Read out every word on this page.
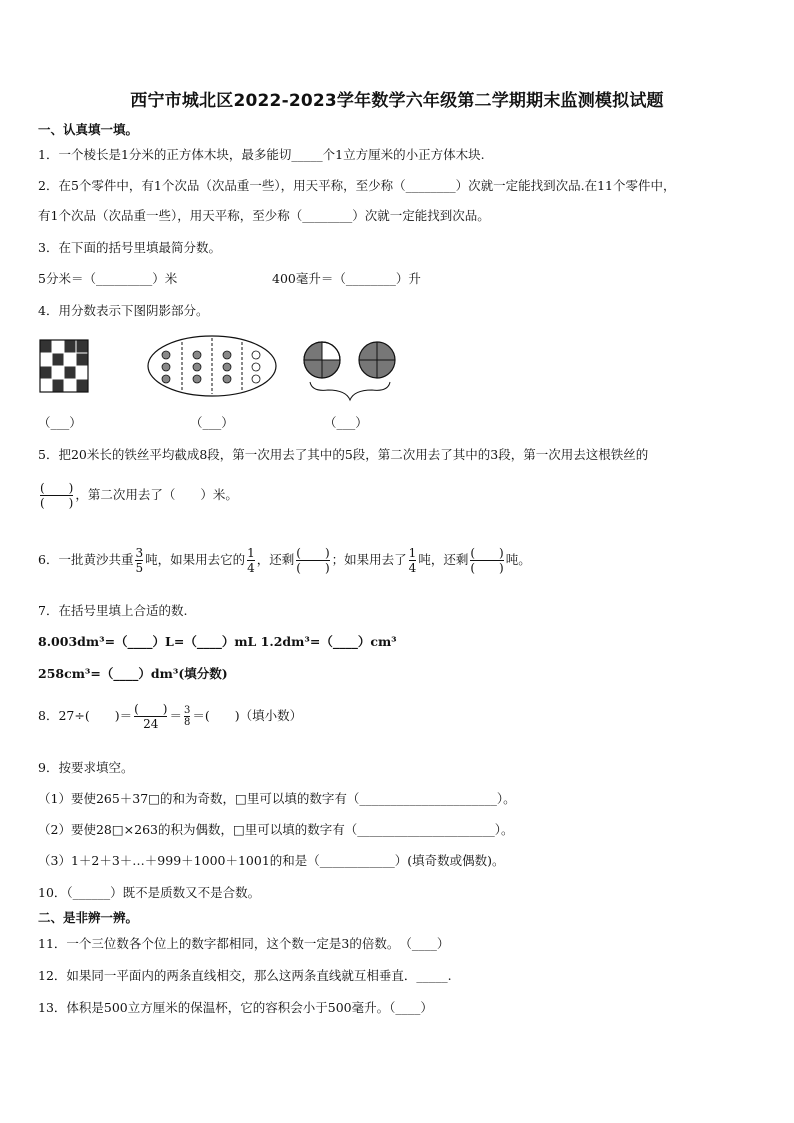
西宁市城北区2022-2023学年数学六年级第二学期期末监测模拟试题
一、认真填一填。
1．一个棱长是1分米的正方体木块，最多能切_____个1立方厘米的小正方体木块.
2．在5个零件中，有1个次品（次品重一些），用天平称，至少称（________）次就一定能找到次品.在11个零件中，
有1个次品（次品重一些），用天平称，至少称（________）次就一定能找到次品。
3．在下面的括号里填最简分数。
5分米＝（_________）米	400毫升＝（________）升
4．用分数表示下图阴影部分。
（___）	（___）	（___）
5．把20米长的铁丝平均截成8段，第一次用去了其中的5段，第二次用去了其中的3段，第一次用去这根铁丝的
$\frac{( )}{( )}$ ，第二次用去了（　　）米。
6．一批黄沙共重 $\frac{3}{5}$ 吨，如果用去它的 $\frac{1}{4}$ ，还剩 $\frac{( )}{( )}$ ；如果用去了 $\frac{1}{4}$ 吨，还剩 $\frac{( )}{( )}$ 吨。
7．在括号里填上合适的数.
8.003dm³=（____）L=（____）mL 1.2dm³=（____）cm³
258cm³=（____）dm³(填分数)
8．27÷(　　)＝ $\frac{( )}{24} = \frac{3}{8}$ ＝(　　)（填小数）
9．按要求填空。
（1）要使265＋37□的和为奇数，□里可以填的数字有（______________________）。
（2）要使28□×263的积为偶数，□里可以填的数字有（______________________）。
（3）1＋2＋3＋…＋999＋1000＋1001的和是（____________）(填奇数或偶数)。
10．（______）既不是质数又不是合数。
二、是非辨一辨。
11．一个三位数各个位上的数字都相同，这个数一定是3的倍数。　（____）
12．如果同一平面内的两条直线相交，那么这两条直线就互相垂直．_____.
13．体积是500立方厘米的保温杯，它的容积会小于500毫升。（____）
